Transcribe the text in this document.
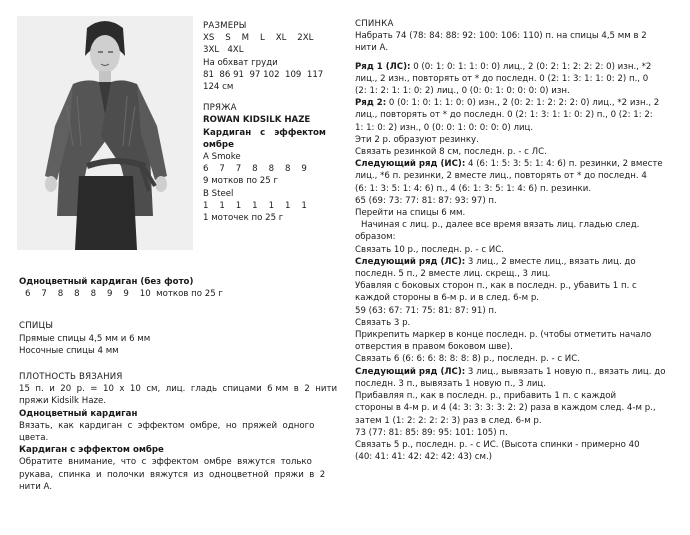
РАЗМЕРЫ

XS    S    M    L    XL    2XL

3XL   4XL

На обхват груди

81  86 91  97 102  109  117

124 см

ПРЯЖА

ROWAN KIDSILK HAZE

Кардиган   с   эффектом

омбре

A Smoke

6    7    7    8    8    8    9

9 мотков по 25 г

B Steel

1    1    1    1    1    1    1

1 моточек по 25 г

Одноцветный кардиган (без фото)

6    7    8    8    8    9    9    10  мотков по 25 г

СПИЦЫ

Прямые спицы 4,5 мм и 6 мм

Носочные спицы 4 мм

ПЛОТНОСТЬ ВЯЗАНИЯ

15  п.  и  20  р.  =  10  х  10  см,  лиц.  гладь  спицами  6 мм  в  2  нити

пряжи Kidsilk Haze.

Одноцветный кардиган

Вязать,  как  кардиган  с  эффектом  омбре,  но  пряжей  одного

цвета.

Кардиган с эффектом омбре

Обратите  внимание,  что  с  эффектом  омбре  вяжутся  только

рукава,  спинка  и  полочки  вяжутся  из  одноцветной  пряжи  в  2

нити А.

СПИНКА

Набрать 74 (78: 84: 88: 92: 100: 106: 110) п. на спицы 4,5 мм в 2

нити А.

Ряд 1 (ЛС): 0 (0: 1: 0: 1: 1: 0: 0) лиц., 2 (0: 2: 1: 2: 2: 2: 0) изн., *2

лиц., 2 изн., повторять от * до последн. 0 (2: 1: 3: 1: 1: 0: 2) п., 0

(2: 1: 2: 1: 1: 0: 2) лиц., 0 (0: 0: 1: 0: 0: 0: 0) изн.

Ряд 2: 0 (0: 1: 0: 1: 1: 0: 0) изн., 2 (0: 2: 1: 2: 2: 2: 0) лиц., *2 изн., 2

лиц., повторять от * до последн. 0 (2: 1: 3: 1: 1: 0: 2) п., 0 (2: 1: 2:

1: 1: 0: 2) изн., 0 (0: 0: 1: 0: 0: 0: 0) лиц.

Эти 2 р. образуют резинку.

Связать резинкой 8 см, последн. р. - с ЛС.

Следующий ряд (ИС): 4 (6: 1: 5: 3: 5: 1: 4: 6) п. резинки, 2 вместе

лиц., *6 п. резинки, 2 вместе лиц., повторять от * до последн. 4

(6: 1: 3: 5: 1: 4: 6) п., 4 (6: 1: 3: 5: 1: 4: 6) п. резинки.

65 (69: 73: 77: 81: 87: 93: 97) п.

Перейти на спицы 6 мм.

Начиная с лиц. р., далее все время вязать лиц. гладью след.

образом:

Связать 10 р., последн. р. - с ИС.

Следующий ряд (ЛС): 3 лиц., 2 вместе лиц., вязать лиц. до

последн. 5 п., 2 вместе лиц. скрещ., 3 лиц.

Убавляя с боковых сторон п., как в последн. р., убавить 1 п. с

каждой стороны в 6-м р. и в след. 6-м р.

59 (63: 67: 71: 75: 81: 87: 91) п.

Связать 3 р.

Прикрепить маркер в конце последн. р. (чтобы отметить начало

отверстия в правом боковом шве).

Связать 6 (6: 6: 6: 8: 8: 8: 8) р., последн. р. - с ИС.

Следующий ряд (ЛС): 3 лиц., вывязать 1 новую п., вязать лиц. до

последн. 3 п., вывязать 1 новую п., 3 лиц.

Прибавляя п., как в последн. р., прибавить 1 п. с каждой

стороны в 4-м р. и 4 (4: 3: 3: 3: 3: 2: 2) раза в каждом след. 4-м р.,

затем 1 (1: 2: 2: 2: 2: 3) раз в след. 6-м р.

73 (77: 81: 85: 89: 95: 101: 105) п.

Связать 5 р., последн. р. - с ИС. (Высота спинки - примерно 40

(40: 41: 41: 42: 42: 42: 43) см.)
